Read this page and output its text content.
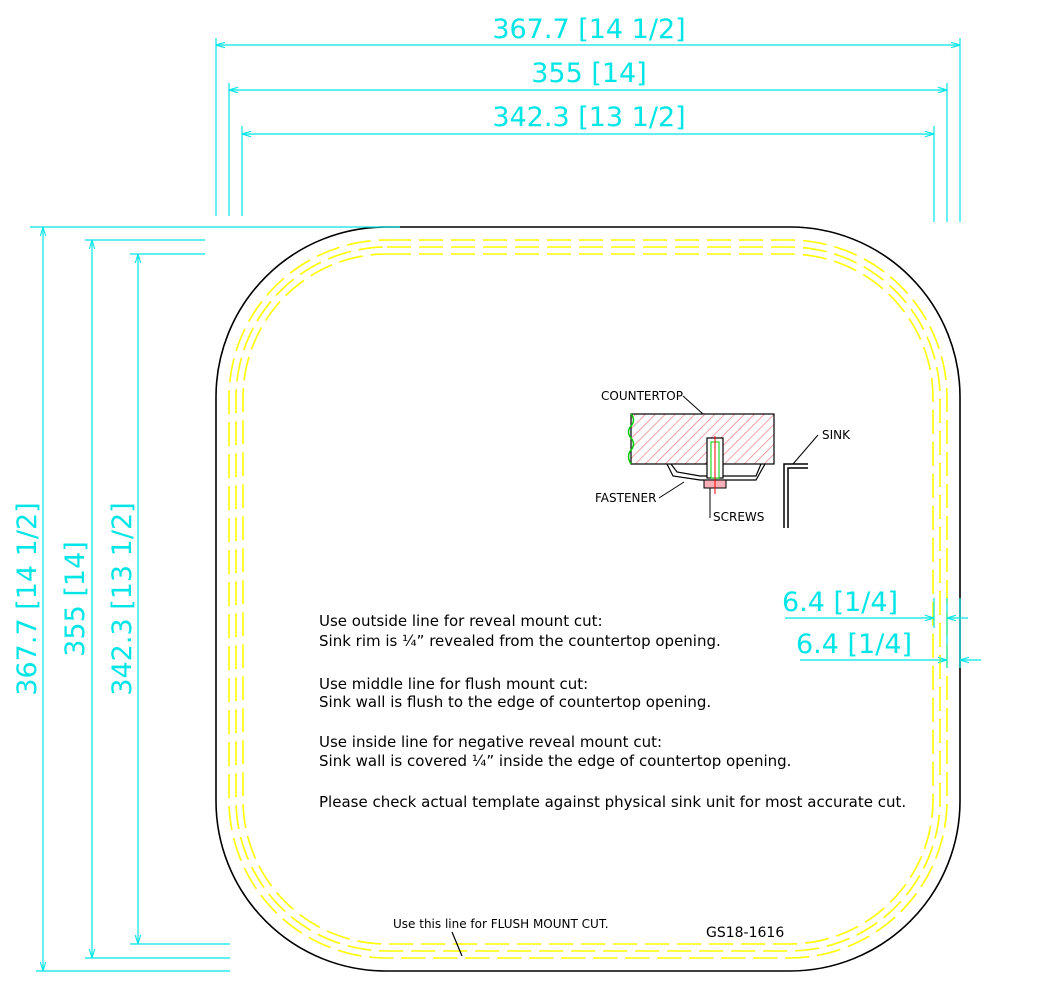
367.7 [14 1/2]
355 [14]
342.3 [13 1/2]
367.7 [14 1/2] 355 [14] 342.3 [13 1/2]	6.4 [1/4]
6.4 [1/4]
COUNTERTOP
SINK
FASTENER
SCREWS
Use outside line for reveal mount cut:
Sink rim is ¼” revealed from the countertop opening.
Use middle line for flush mount cut:
Sink wall is flush to the edge of countertop opening.
Use inside line for negative reveal mount cut:
Sink wall is covered ¼” inside the edge of countertop opening.
Please check actual template against physical sink unit for most accurate cut.
Use this line for FLUSH MOUNT CUT.
GS18-1616
